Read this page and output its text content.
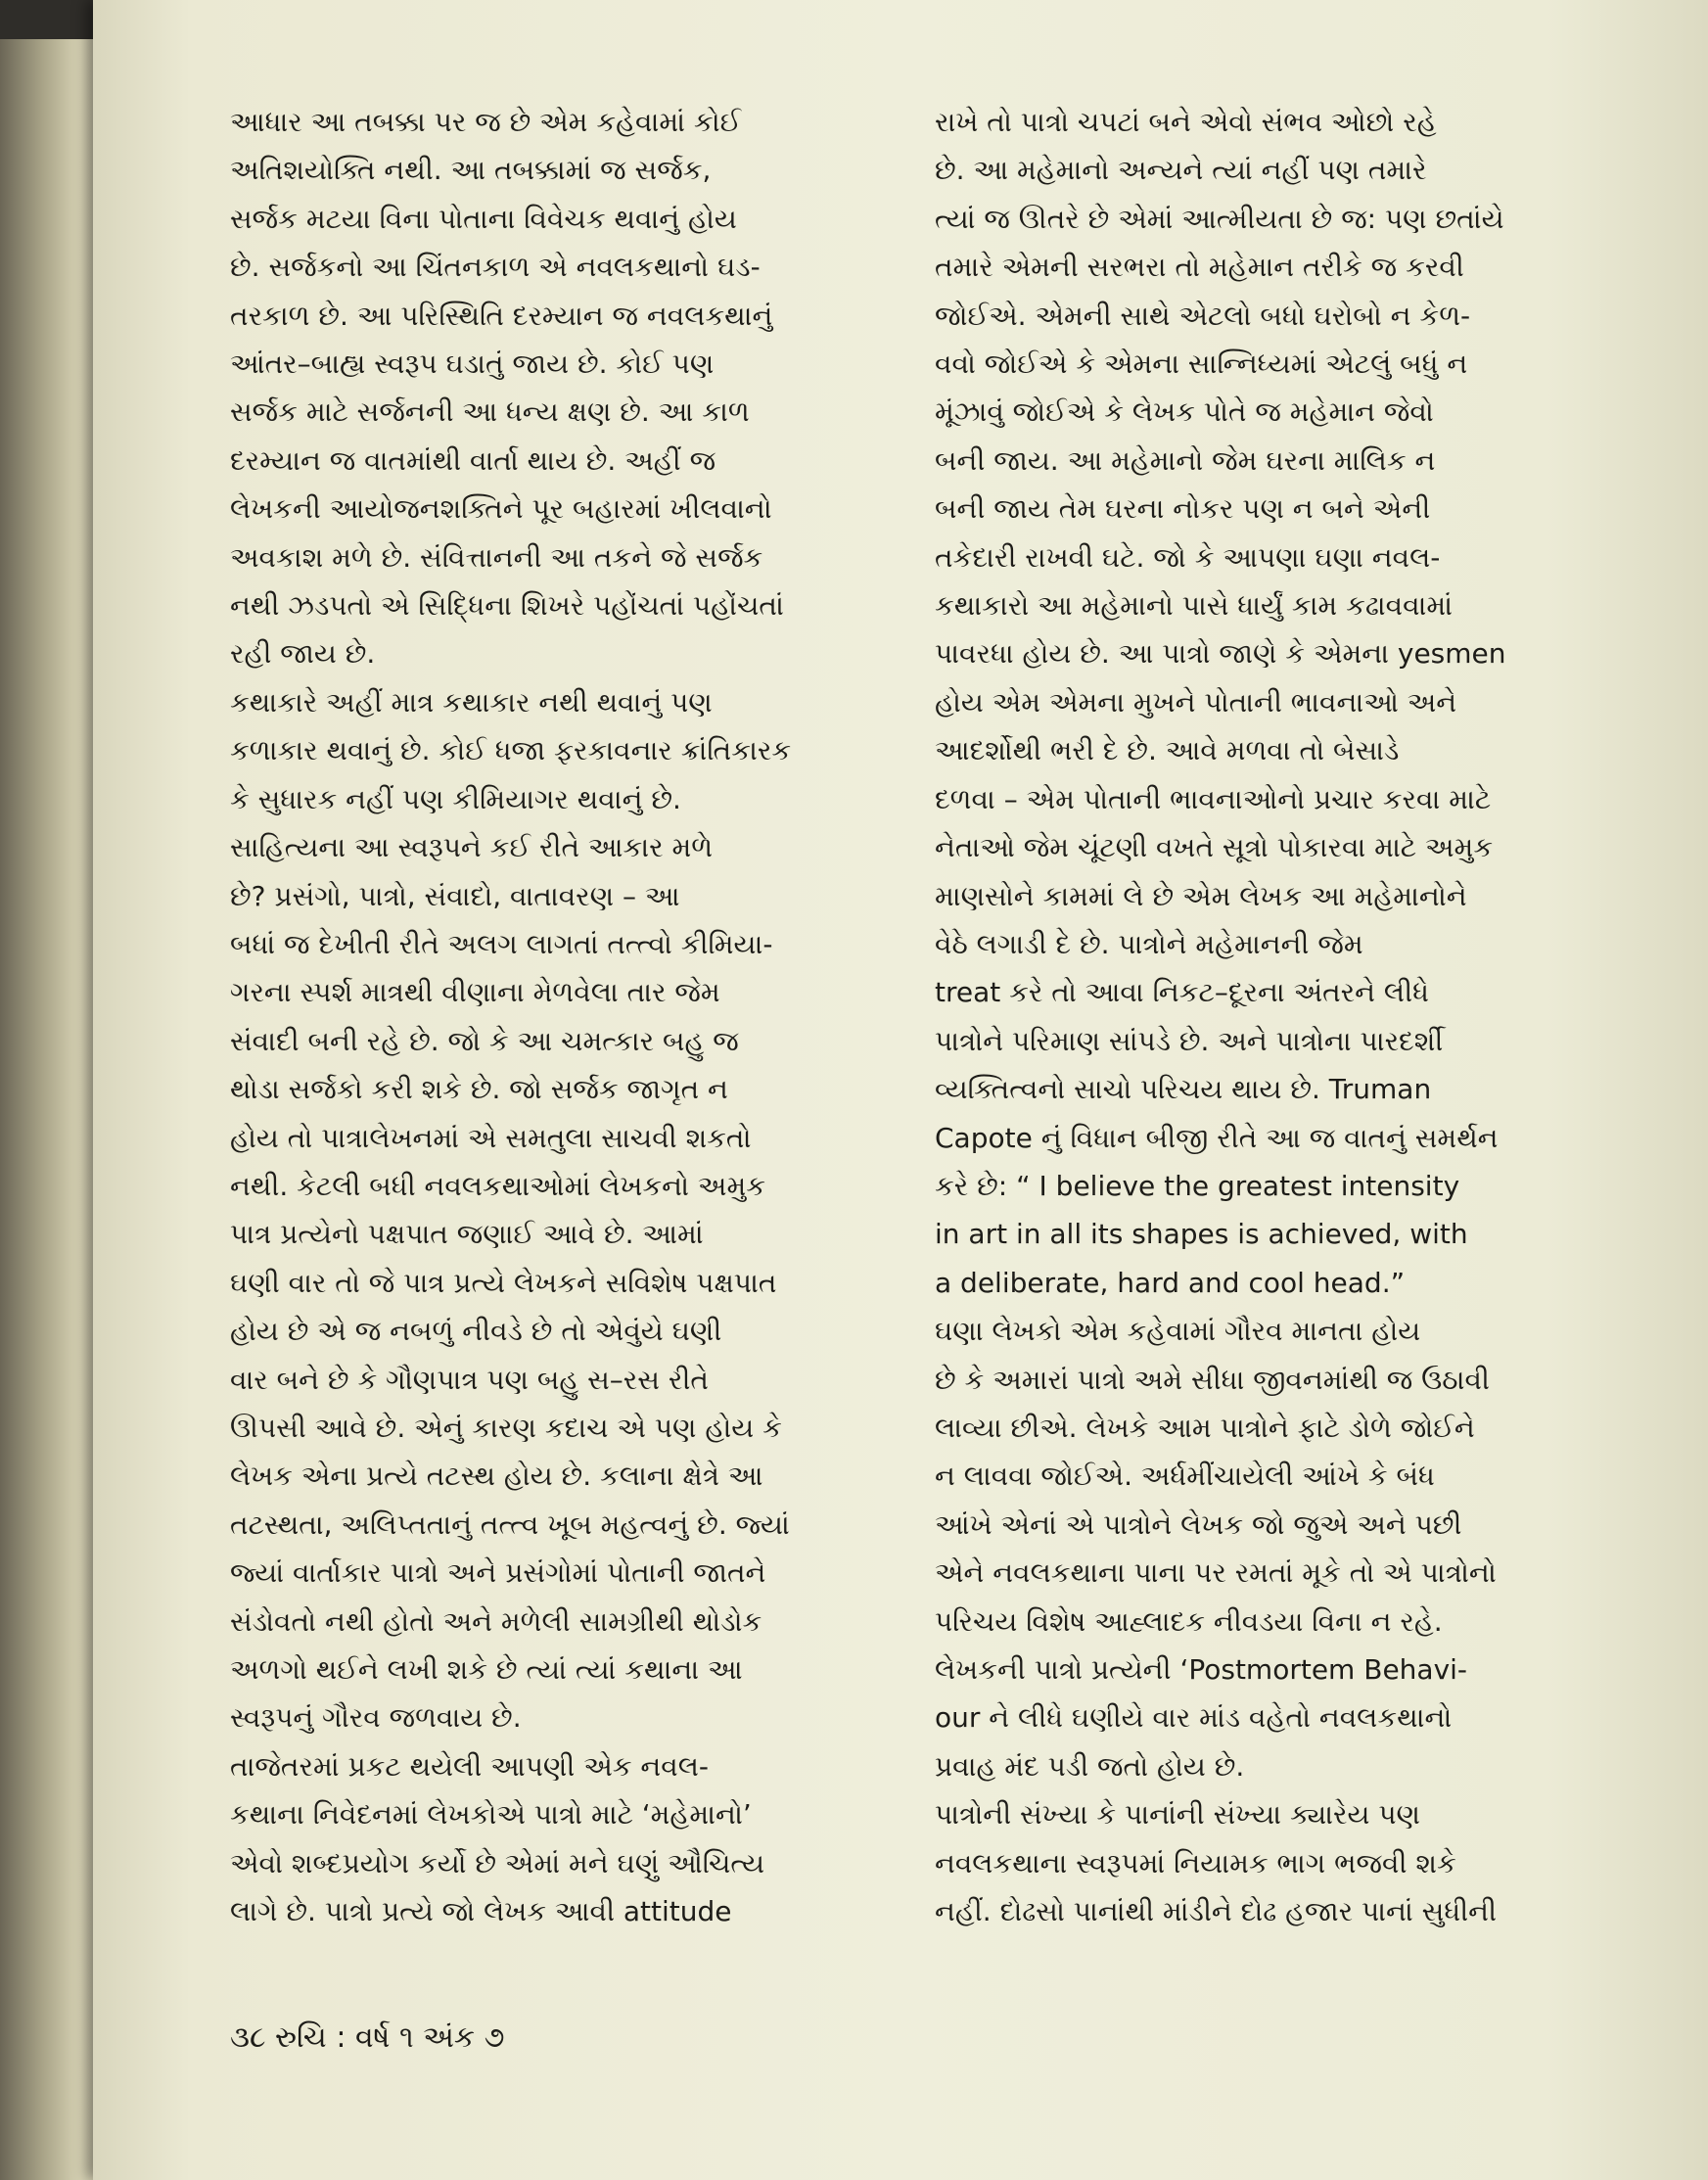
આધાર આ તબક્કા પર જ છે એમ કહેવામાં કોઈ
અતિશયોક્તિ નથી. આ તબક્કામાં જ સર્જક,
સર્જક મટયા વિના પોતાના વિવેચક થવાનું હોય
છે. સર્જકનો આ ચિંતનકાળ એ નવલકથાનો ઘડ-
તરકાળ છે. આ પરિસ્થિતિ દરમ્યાન જ નવલકથાનું
આંતર–બાહ્ય સ્વરૂપ ઘડાતું જાય છે. કોઈ પણ
સર્જક માટે સર્જનની આ ધન્ય ક્ષણ છે. આ કાળ
દરમ્યાન જ વાતમાંથી વાર્તા થાય છે. અહીં જ
લેખકની આયોજનશક્તિને પૂર બહારમાં ખીલવાનો
અવકાશ મળે છે. સંવિત્તાનની આ તકને જે સર્જક
નથી ઝડપતો એ સિદ્ધિના શિખરે પહોંચતાં પહોંચતાં
રહી જાય છે.
કથાકારે અહીં માત્ર કથાકાર નથી થવાનું પણ
કળાકાર થવાનું છે. કોઈ ધજા ફરકાવનાર ક્રાંતિકારક
કે સુધારક નહીં પણ કીમિયાગર થવાનું છે.
સાહિત્યના આ સ્વરૂપને કઈ રીતે આકાર મળે
છે? પ્રસંગો, પાત્રો, સંવાદો, વાતાવરણ – આ
બધાં જ દેખીતી રીતે અલગ લાગતાં તત્ત્વો કીમિયા-
ગરના સ્પર્શ માત્રથી વીણાના મેળવેલા તાર જેમ
સંવાદી બની રહે છે. જો કે આ ચમત્કાર બહુ જ
થોડા સર્જકો કરી શકે છે. જો સર્જક જાગૃત ન
હોય તો પાત્રાલેખનમાં એ સમતુલા સાચવી શકતો
નથી. કેટલી બધી નવલકથાઓમાં લેખકનો અમુક
પાત્ર પ્રત્યેનો પક્ષપાત જણાઈ આવે છે. આમાં
ઘણી વાર તો જે પાત્ર પ્રત્યે લેખકને સવિશેષ પક્ષપાત
હોય છે એ જ નબળું નીવડે છે તો એવુંયે ઘણી
વાર બને છે કે ગૌણપાત્ર પણ બહુ સ–રસ રીતે
ઊપસી આવે છે. એનું કારણ કદાચ એ પણ હોય કે
લેખક એના પ્રત્યે તટસ્થ હોય છે. કલાના ક્ષેત્રે આ
તટસ્થતા, અલિપ્તતાનું તત્ત્વ ખૂબ મહત્વનું છે. જ્યાં
જ્યાં વાર્તાકાર પાત્રો અને પ્રસંગોમાં પોતાની જાતને
સંડોવતો નથી હોતો અને મળેલી સામગ્રીથી થોડોક
અળગો થઈને લખી શકે છે ત્યાં ત્યાં કથાના આ
સ્વરૂપનું ગૌરવ જળવાય છે.
તાજેતરમાં પ્રકટ થયેલી આપણી એક નવલ-
કથાના નિવેદનમાં લેખકોએ પાત્રો માટે ‘મહેમાનો’
એવો શબ્દપ્રયોગ કર્યો છે એમાં મને ઘણું ઔચિત્ય
લાગે છે. પાત્રો પ્રત્યે જો લેખક આવી attitude
રાખે તો પાત્રો ચપટાં બને એવો સંભવ ઓછો રહે
છે. આ મહેમાનો અન્યને ત્યાં નહીં પણ તમારે
ત્યાં જ ઊતરે છે એમાં આત્મીયતા છે જ: પણ છતાંયે
તમારે એમની સરભરા તો મહેમાન તરીકે જ કરવી
જોઈએ. એમની સાથે એટલો બધો ઘરોબો ન કેળ-
વવો જોઈએ કે એમના સાન્નિધ્યમાં એટલું બધું ન
મૂંઝાવું જોઈએ કે લેખક પોતે જ મહેમાન જેવો
બની જાય. આ મહેમાનો જેમ ઘરના માલિક ન
બની જાય તેમ ઘરના નોકર પણ ન બને એની
તકેદારી રાખવી ઘટે. જો કે આપણા ઘણા નવલ-
કથાકારો આ મહેમાનો પાસે ધાર્યું કામ કઢાવવામાં
પાવરધા હોય છે. આ પાત્રો જાણે કે એમના yesmen
હોય એમ એમના મુખને પોતાની ભાવનાઓ અને
આદર્શોથી ભરી દે છે. આવે મળવા તો બેસાડે
દળવા – એમ પોતાની ભાવનાઓનો પ્રચાર કરવા માટે
નેતાઓ જેમ ચૂંટણી વખતે સૂત્રો પોકારવા માટે અમુક
માણસોને કામમાં લે છે એમ લેખક આ મહેમાનોને
વેઠે લગાડી દે છે. પાત્રોને મહેમાનની જેમ
treat કરે તો આવા નિકટ–દૂરના અંતરને લીધે
પાત્રોને પરિમાણ સાંપડે છે. અને પાત્રોના પારદર્શી
વ્યક્તિત્વનો સાચો પરિચય થાય છે. Truman
Capote નું વિધાન બીજી રીતે આ જ વાતનું સમર્થન
કરે છે: “ I believe the greatest intensity
in art in all its shapes is achieved, with
a deliberate, hard and cool head.”
ઘણા લેખકો એમ કહેવામાં ગૌરવ માનતા હોય
છે કે અમારાં પાત્રો અમે સીધા જીવનમાંથી જ ઉઠાવી
લાવ્યા છીએ. લેખકે આમ પાત્રોને ફાટે ડોળે જોઈને
ન લાવવા જોઈએ. અર્ધમીંચાયેલી આંખે કે બંધ
આંખે એનાં એ પાત્રોને લેખક જો જુએ અને પછી
એને નવલકથાના પાના પર રમતાં મૂકે તો એ પાત્રોનો
પરિચય વિશેષ આહ્લાદક નીવડયા વિના ન રહે.
લેખકની પાત્રો પ્રત્યેની ‘Postmortem Behavi-
our ને લીધે ઘણીયે વાર માંડ વહેતો નવલકથાનો
પ્રવાહ મંદ પડી જતો હોય છે.
પાત્રોની સંખ્યા કે પાનાંની સંખ્યા ક્યારેય પણ
નવલકથાના સ્વરૂપમાં નિયામક ભાગ ભજવી શકે
નહીં. દોઢસો પાનાંથી માંડીને દોઢ હજાર પાનાં સુધીની
૩૮ રુચિ : વર્ષ ૧ અંક ૭
